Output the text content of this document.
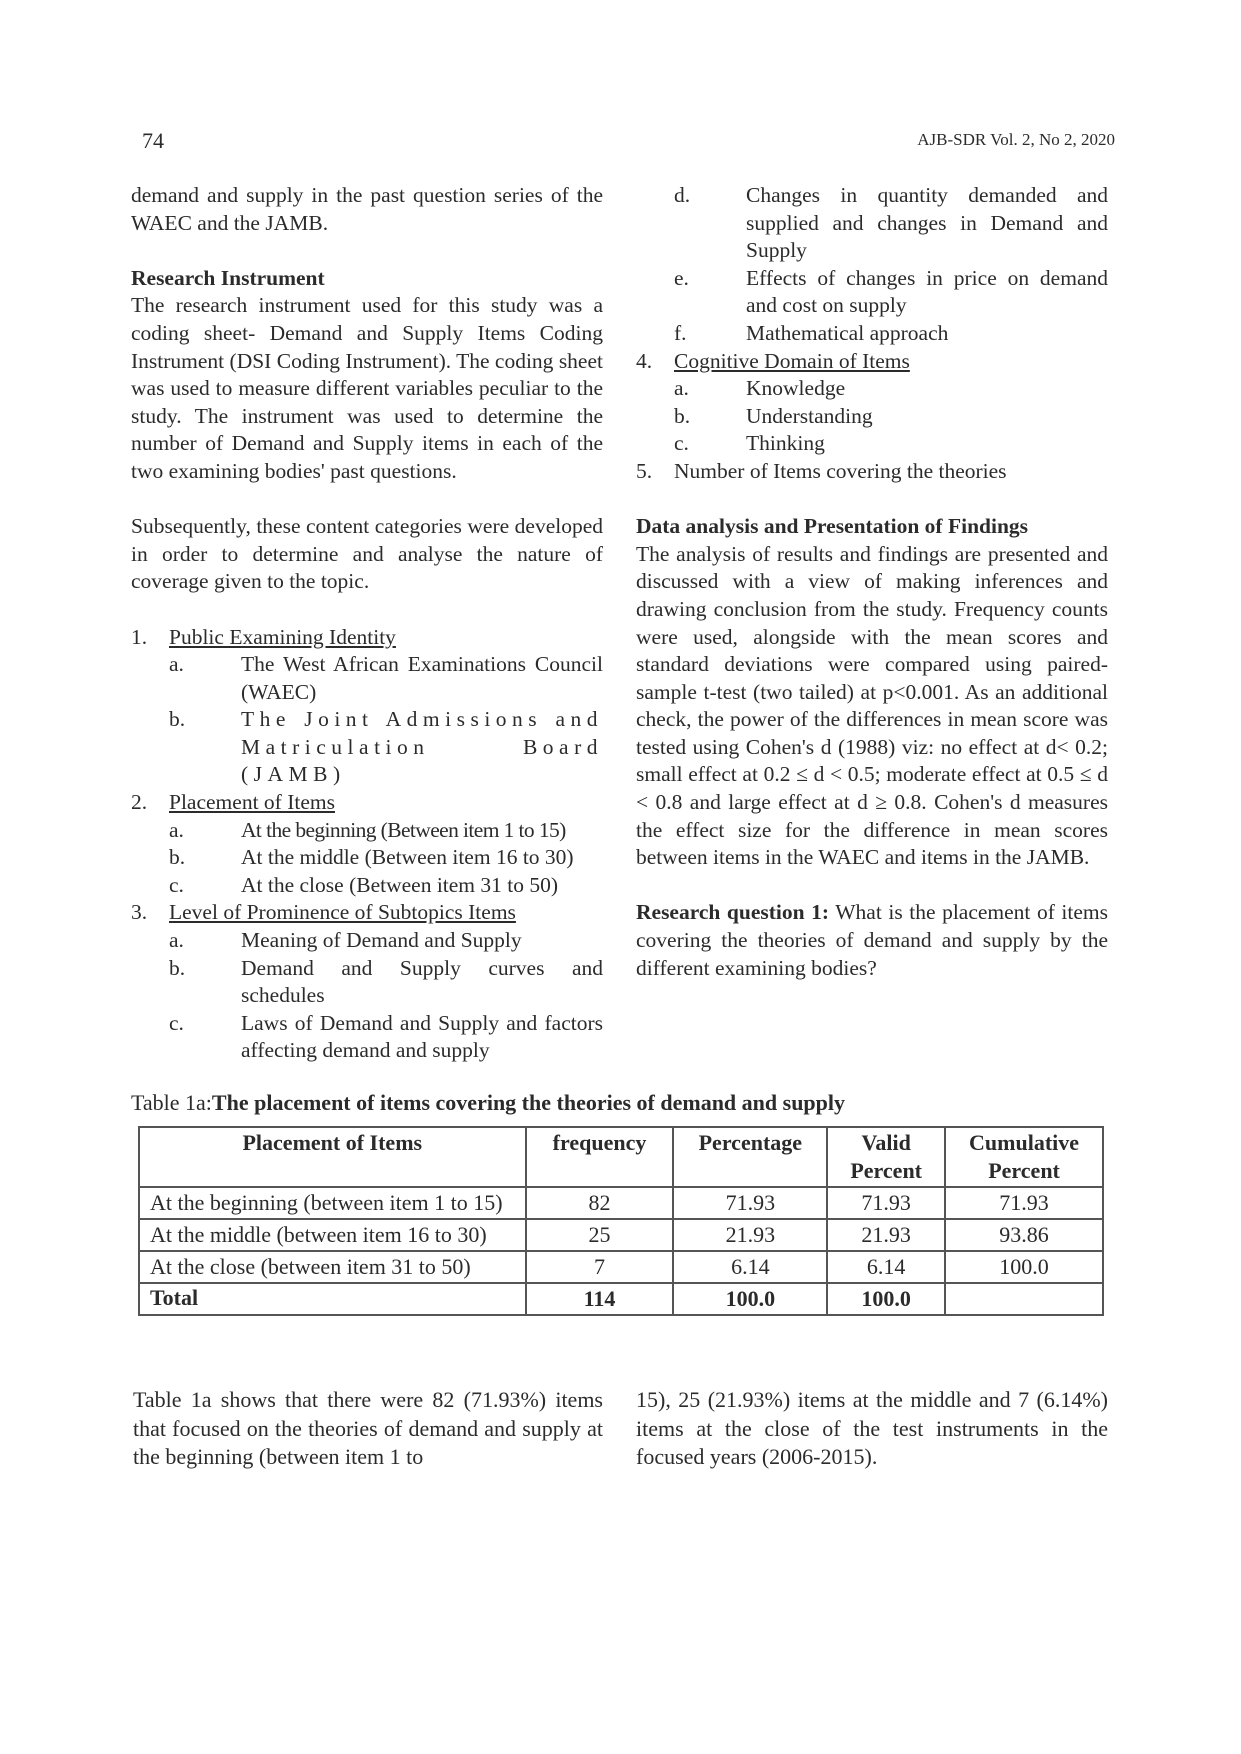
74	AJB-SDR Vol. 2, No 2, 2020

demand and supply in the past question series of the WAEC and the JAMB.

Research Instrument

The research instrument used for this study was a coding sheet- Demand and Supply Items Coding Instrument (DSI Coding Instrument). The coding sheet was used to measure different variables peculiar to the study. The instrument was used to determine the number of Demand and Supply items in each of the two examining bodies' past questions.

Subsequently, these content categories were developed in order to determine and analyse the nature of coverage given to the topic.

1.	Public Examining Identity
a.	The West African Examinations Council (WAEC)
b.	The Joint Admissions and Matriculation Board (JAMB)
2.	Placement of Items
a.	At the beginning (Between item 1 to 15)
b.	At the middle (Between item 16 to 30)
c.	At the close (Between item 31 to 50)
3.	Level of Prominence of Subtopics Items
a.	Meaning of Demand and Supply
b.	Demand and Supply curves and schedules
c.	Laws of Demand and Supply and factors affecting demand and supply
d.	Changes in quantity demanded and supplied and changes in Demand and Supply
e.	Effects of changes in price on demand and cost on supply
f.	Mathematical approach
4.	Cognitive Domain of Items
a.	Knowledge
b.	Understanding
c.	Thinking
5.	Number of Items covering the theories
Data analysis and Presentation of Findings

The analysis of results and findings are presented and discussed with a view of making inferences and drawing conclusion from the study. Frequency counts were used, alongside with the mean scores and standard deviations were compared using paired-sample t-test (two tailed) at p<0.001. As an additional check, the power of the differences in mean score was tested using Cohen's d (1988) viz: no effect at d< 0.2; small effect at 0.2 ≤ d < 0.5; moderate effect at 0.5 ≤ d < 0.8 and large effect at d ≥ 0.8. Cohen's d measures the effect size for the difference in mean scores between items in the WAEC and items in the JAMB.

Research question 1: What is the placement of items covering the theories of demand and supply by the different examining bodies?

Table 1a:The placement of items covering the theories of demand and supply
Placement of Items	frequency	Percentage	Valid Percent	Cumulative Percent
At the beginning (between item 1 to 15)	82	71.93	71.93	71.93
At the middle (between item 16 to 30)	25	21.93	21.93	93.86
At the close (between item 31 to 50)	7	6.14	6.14	100.0
Total	114	100.0	100.0	

Table 1a shows that there were 82 (71.93%) items that focused on the theories of demand and supply at the beginning (between item 1 to

15), 25 (21.93%) items at the middle and 7 (6.14%) items at the close of the test instruments in the focused years (2006-2015).
